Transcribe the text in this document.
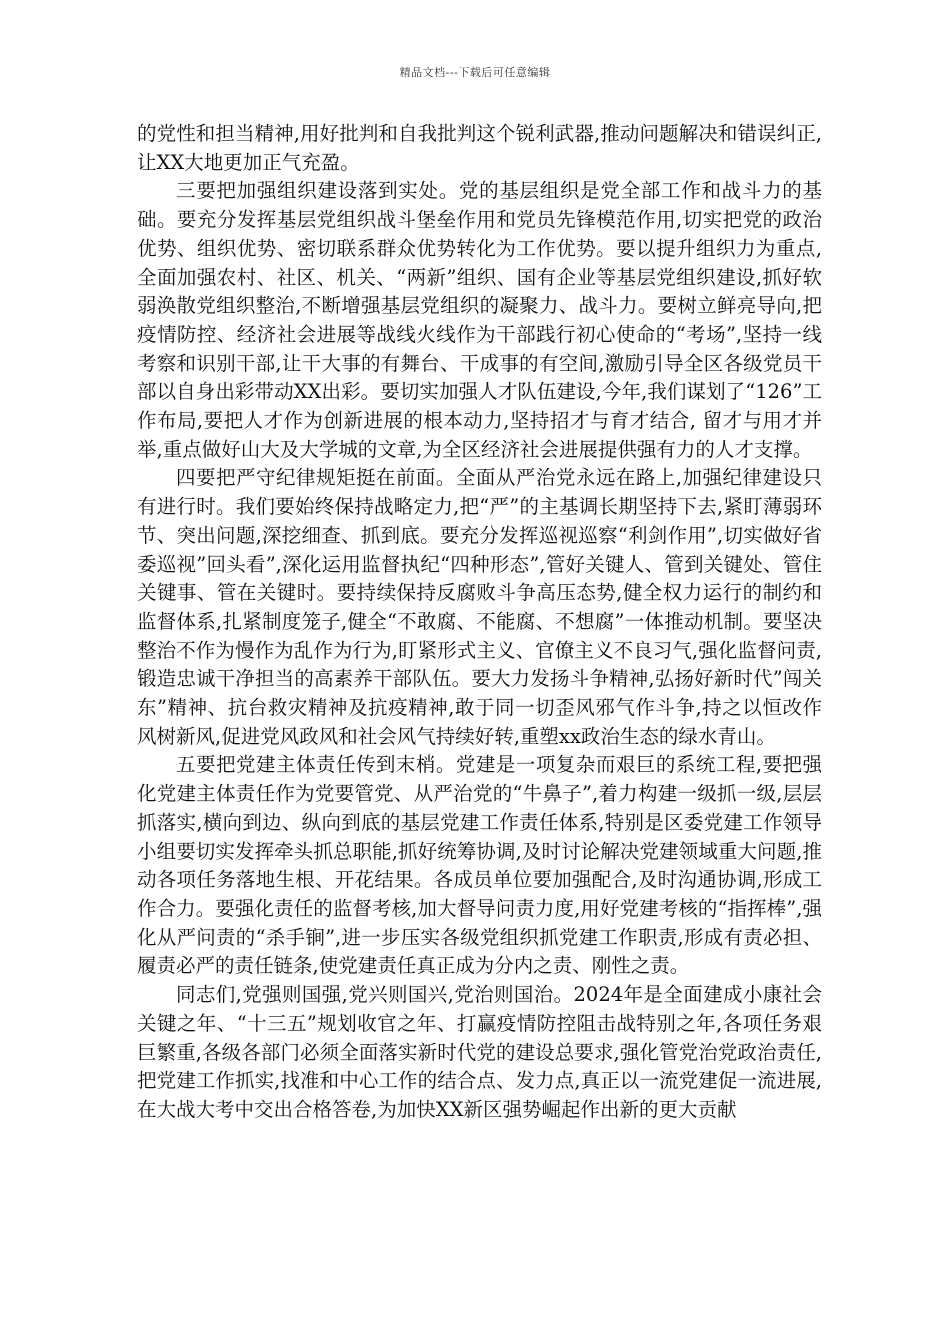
精品文档---下载后可任意编辑

的党性和担当精神,用好批判和自我批判这个锐利武器,推动问题解决和错误纠正,让XX大地更加正气充盈。

三要把加强组织建设落到实处。党的基层组织是党全部工作和战斗力的基础。要充分发挥基层党组织战斗堡垒作用和党员先锋模范作用,切实把党的政治优势、组织优势、密切联系群众优势转化为工作优势。要以提升组织力为重点,全面加强农村、社区、机关、“两新”组织、国有企业等基层党组织建设,抓好软弱涣散党组织整治,不断增强基层党组织的凝聚力、战斗力。要树立鲜亮导向,把疫情防控、经济社会进展等战线火线作为干部践行初心使命的“考场”,坚持一线考察和识别干部,让干大事的有舞台、干成事的有空间,激励引导全区各级党员干部以自身出彩带动XX出彩。要切实加强人才队伍建设,今年,我们谋划了“126”工作布局,要把人才作为创新进展的根本动力,坚持招才与育才结合, 留才与用才并举,重点做好山大及大学城的文章,为全区经济社会进展提供强有力的人才支撑。

四要把严守纪律规矩挺在前面。全面从严治党永远在路上,加强纪律建设只有进行时。我们要始终保持战略定力,把“严”的主基调长期坚持下去,紧盯薄弱环节、突出问题,深挖细查、抓到底。要充分发挥巡视巡察“利剑作用”,切实做好省委巡视”回头看”,深化运用监督执纪“四种形态”,管好关键人、管到关键处、管住关键事、管在关键时。要持续保持反腐败斗争高压态势,健全权力运行的制约和监督体系,扎紧制度笼子,健全“不敢腐、不能腐、不想腐”一体推动机制。要坚决整治不作为慢作为乱作为行为,盯紧形式主义、官僚主义不良习气,强化监督问责,锻造忠诚干净担当的高素养干部队伍。要大力发扬斗争精神,弘扬好新时代”闯关东”精神、抗台救灾精神及抗疫精神,敢于同一切歪风邪气作斗争,持之以恒改作风树新风,促进党风政风和社会风气持续好转,重塑xx政治生态的绿水青山。

五要把党建主体责任传到末梢。党建是一项复杂而艰巨的系统工程,要把强化党建主体责任作为党要管党、从严治党的“牛鼻子”,着力构建一级抓一级,层层抓落实,横向到边、纵向到底的基层党建工作责任体系,特别是区委党建工作领导小组要切实发挥牵头抓总职能,抓好统筹协调,及时讨论解决党建领域重大问题,推动各项任务落地生根、开花结果。各成员单位要加强配合,及时沟通协调,形成工作合力。要强化责任的监督考核,加大督导问责力度,用好党建考核的“指挥棒”,强化从严问责的“杀手锏”,进一步压实各级党组织抓党建工作职责,形成有责必担、履责必严的责任链条,使党建责任真正成为分内之责、刚性之责。

同志们,党强则国强,党兴则国兴,党治则国治。2024年是全面建成小康社会关键之年、“十三五”规划收官之年、打赢疫情防控阻击战特别之年,各项任务艰巨繁重,各级各部门必须全面落实新时代党的建设总要求,强化管党治党政治责任,把党建工作抓实,找准和中心工作的结合点、发力点,真正以一流党建促一流进展,在大战大考中交出合格答卷,为加快XX新区强势崛起作出新的更大贡献
